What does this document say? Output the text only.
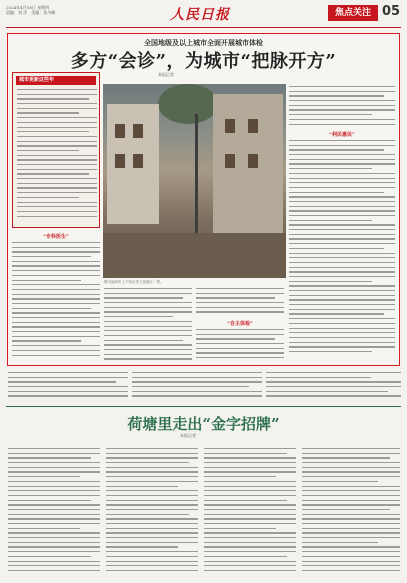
2024年4月18日 星期四
责编：刘 洋　美编：张丹峰	人民日报	焦点关注 05
全国地级及以上城市全面开展城市体检
多方“会诊”，为城市“把脉开方”
本报记者
城市更新这些年
“专科医生”
图为福州市上下杭历史文化街区一景。
“自主体检”
“利民惠民”
荷塘里走出“金字招牌”
本报记者
